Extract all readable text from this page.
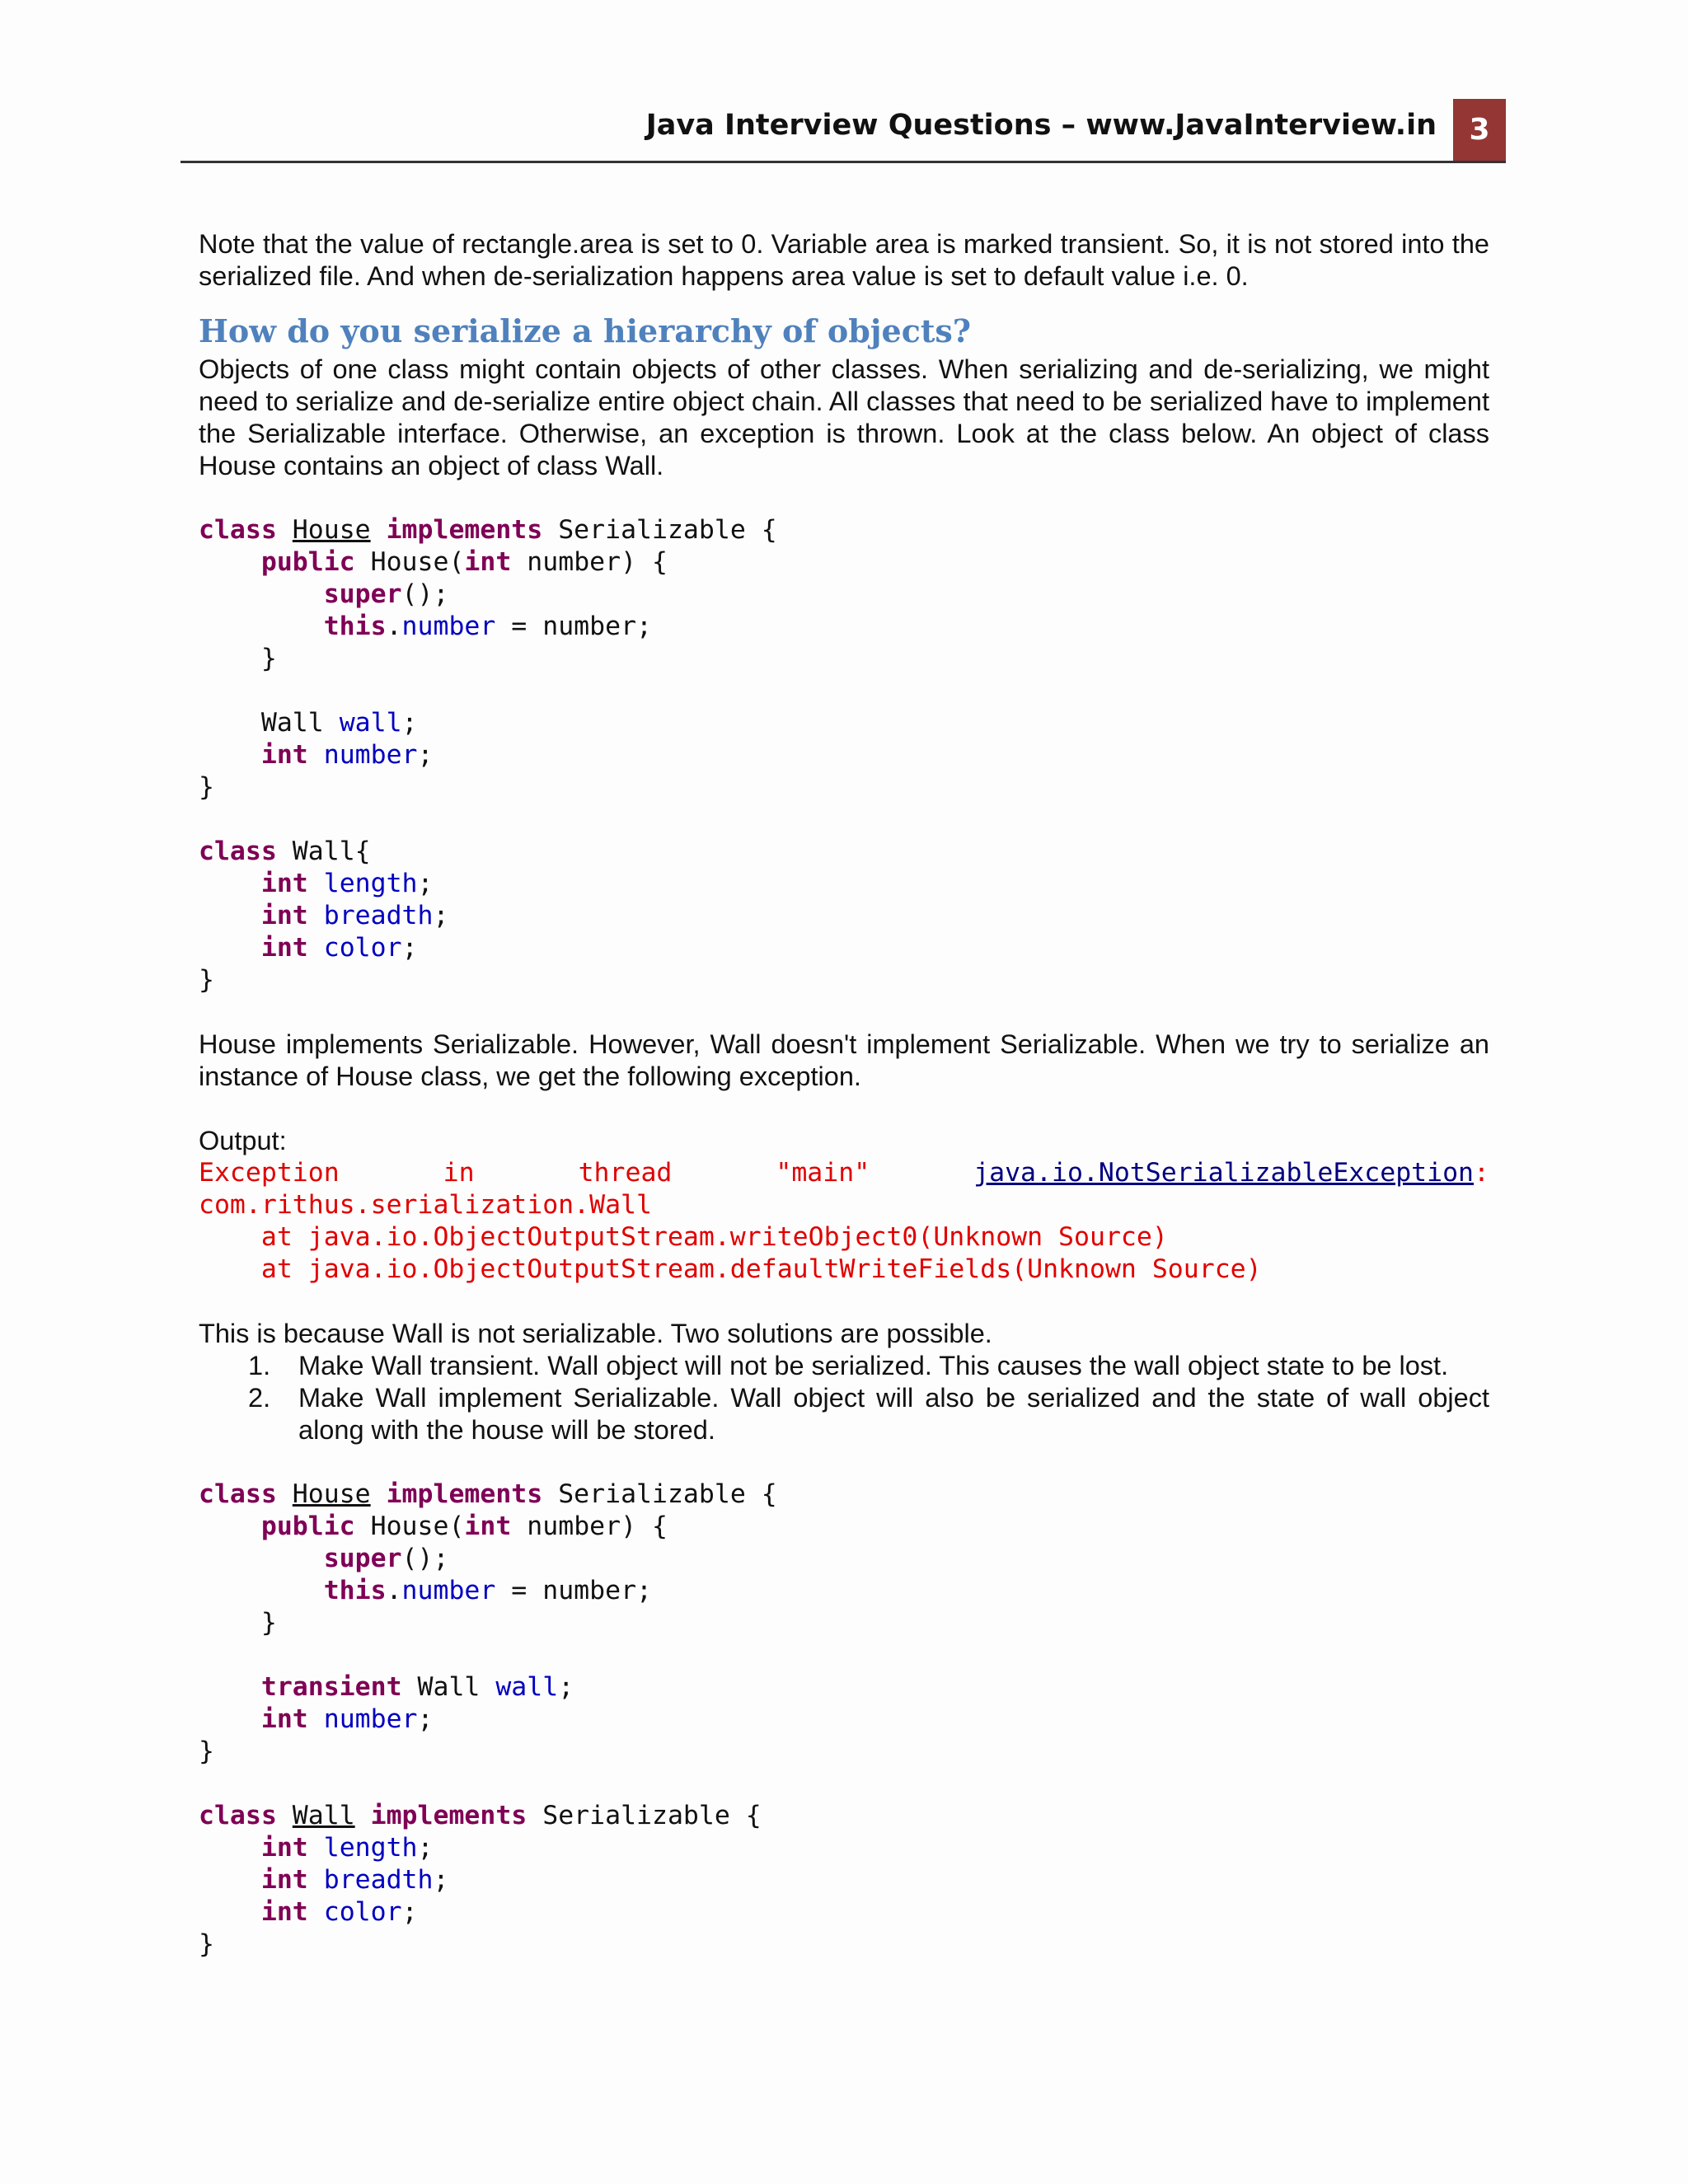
Java Interview Questions – www.JavaInterview.in	3

Note that the value of rectangle.area is set to 0. Variable area is marked transient. So, it is not stored into the serialized file. And when de-serialization happens area value is set to default value i.e. 0.

How do you serialize a hierarchy of objects?

Objects of one class might contain objects of other classes. When serializing and de-serializing, we might need to serialize and de-serialize entire object chain. All classes that need to be serialized have to implement the Serializable interface. Otherwise, an exception is thrown. Look at the class below. An object of class House contains an object of class Wall.

class House implements Serializable {
public House(int number) {
super();
this.number = number;
}

Wall wall;
int number;
}

class Wall{
int length;
int breadth;
int color;
}

House implements Serializable. However, Wall doesn't implement Serializable. When we try to serialize an instance of House class, we get the following exception.

Output:

Exception	in	thread	"main"	java.io.NotSerializableException:
com.rithus.serialization.Wall
at java.io.ObjectOutputStream.writeObject0(Unknown Source)
at java.io.ObjectOutputStream.defaultWriteFields(Unknown Source)

This is because Wall is not serializable. Two solutions are possible.

1. Make Wall transient. Wall object will not be serialized. This causes the wall object state to be lost.
2. Make Wall implement Serializable. Wall object will also be serialized and the state of wall object along with the house will be stored.
class House implements Serializable {
public House(int number) {
super();
this.number = number;
}

transient Wall wall;
int number;
}

class Wall implements Serializable {
int length;
int breadth;
int color;
}
